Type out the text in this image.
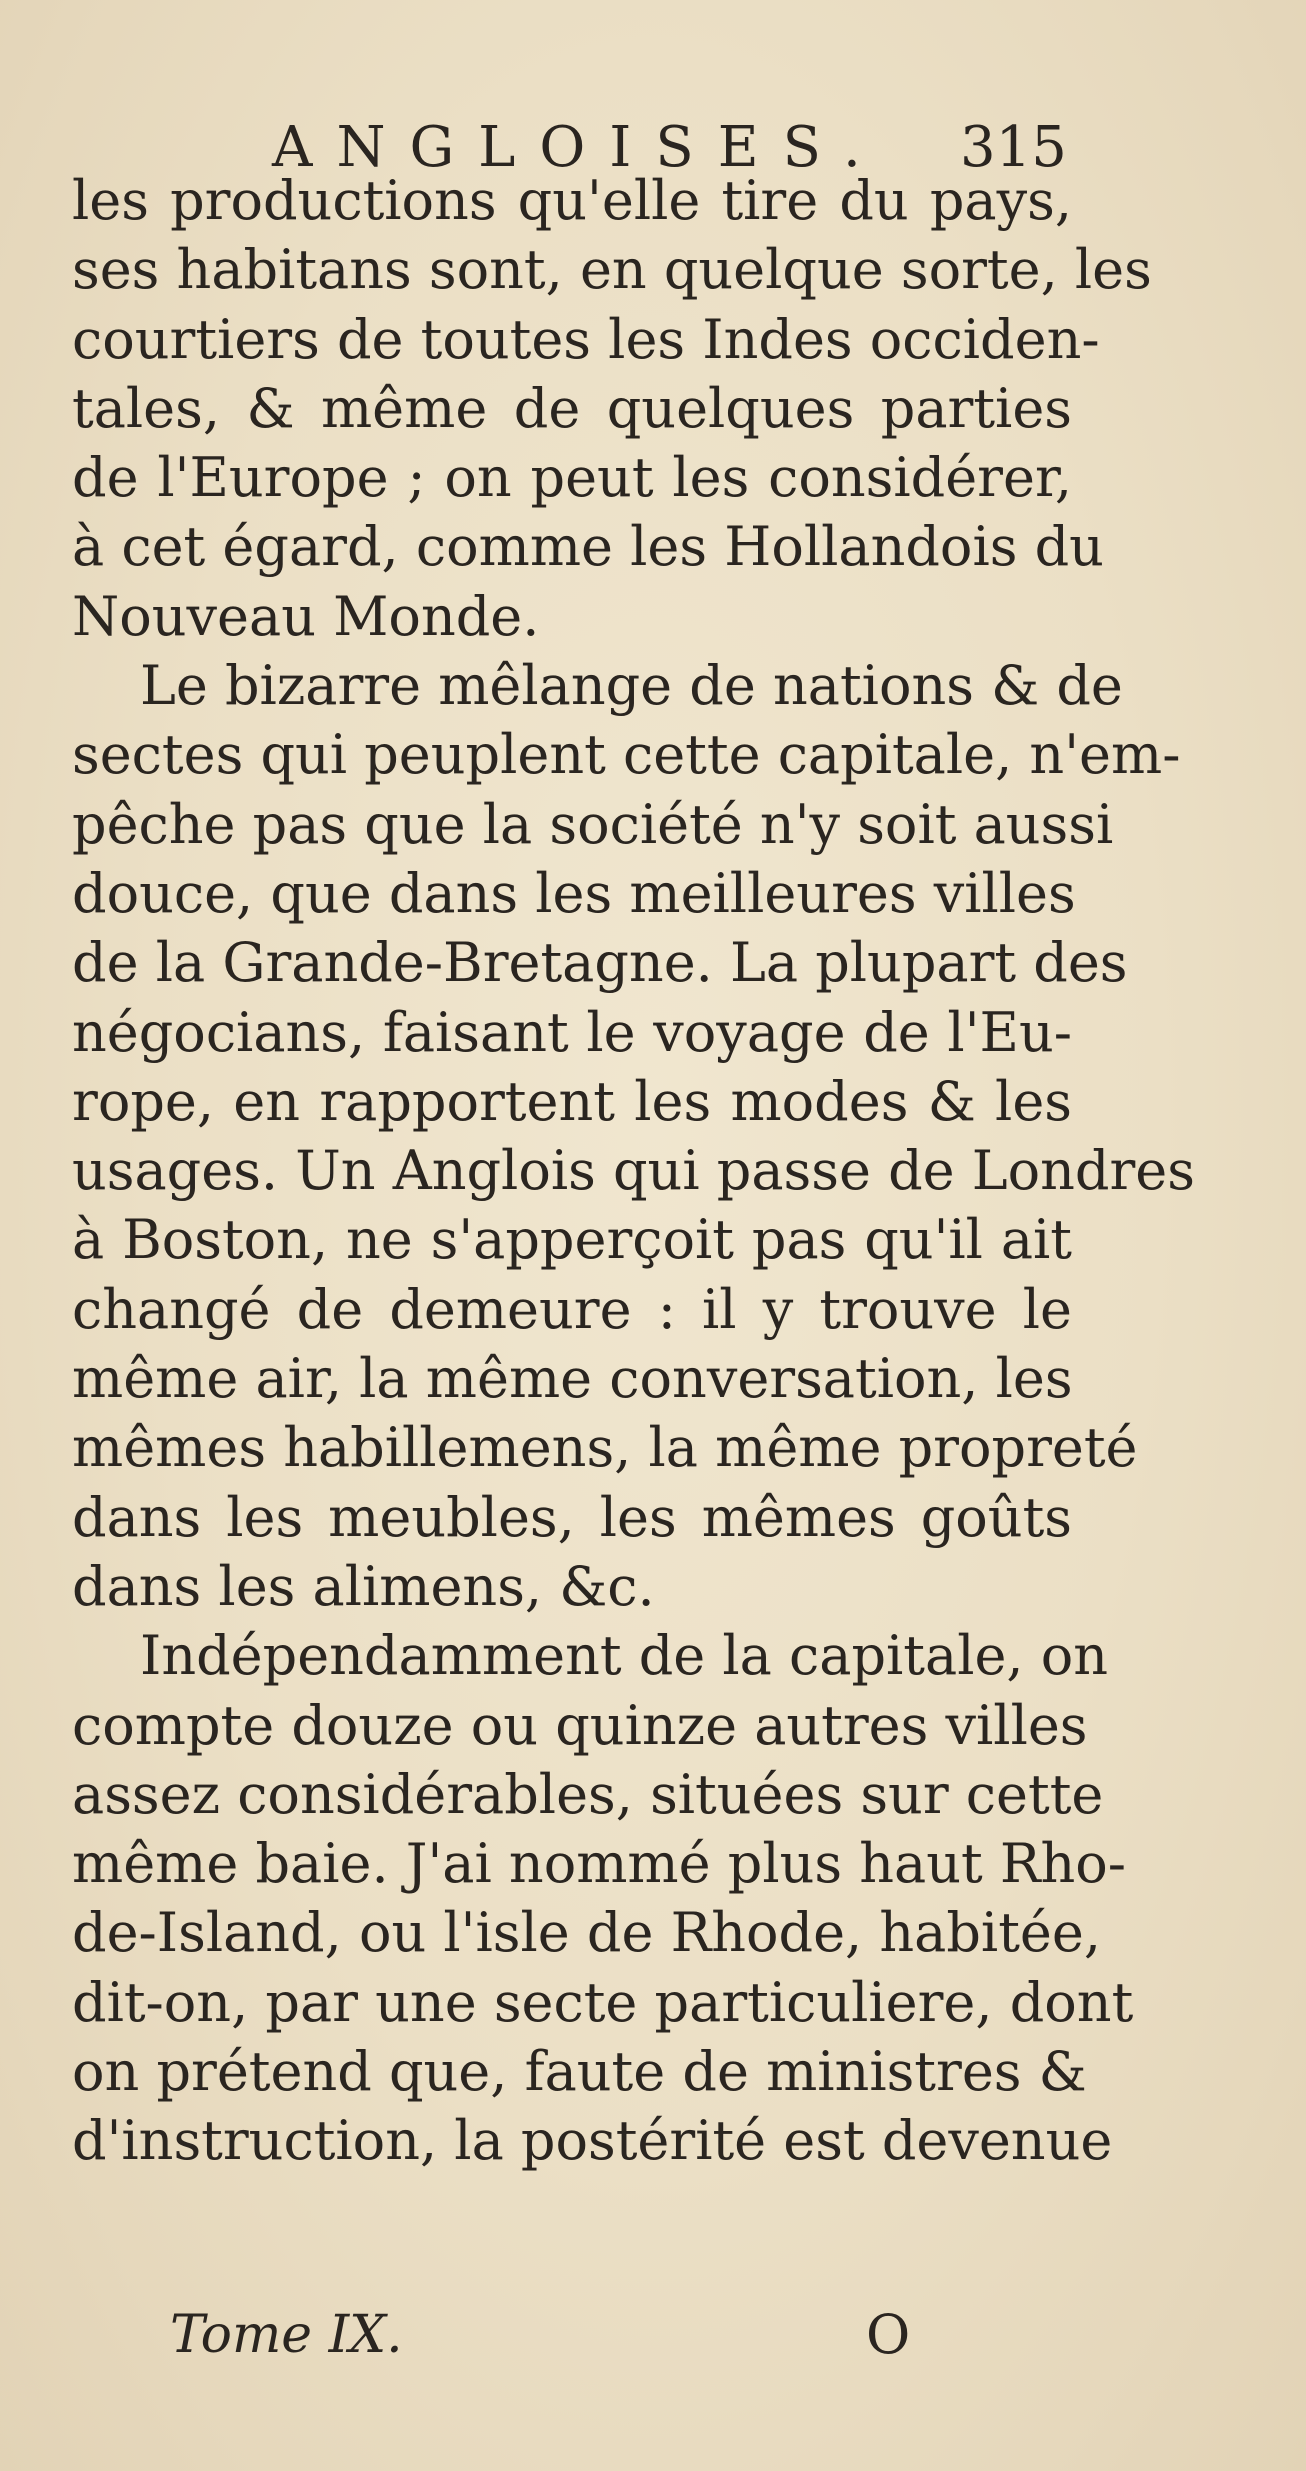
ANGLOISES. 315
les productions qu'elle tire du pays,
ses habitans sont, en quelque sorte, les
courtiers de toutes les Indes occiden-
tales, & même de quelques parties
de l'Europe ; on peut les considérer,
à cet égard, comme les Hollandois du
Nouveau Monde.
Le bizarre mêlange de nations & de
sectes qui peuplent cette capitale, n'em-
pêche pas que la société n'y soit aussi
douce, que dans les meilleures villes
de la Grande-Bretagne. La plupart des
négocians, faisant le voyage de l'Eu-
rope, en rapportent les modes & les
usages. Un Anglois qui passe de Londres
à Boston, ne s'apperçoit pas qu'il ait
changé de demeure : il y trouve le
même air, la même conversation, les
mêmes habillemens, la même propreté
dans les meubles, les mêmes goûts
dans les alimens, &c.
Indépendamment de la capitale, on
compte douze ou quinze autres villes
assez considérables, situées sur cette
même baie. J'ai nommé plus haut Rho-
de-Island, ou l'isle de Rhode, habitée,
dit-on, par une secte particuliere, dont
on prétend que, faute de ministres &
d'instruction, la postérité est devenue
Tome IX.	O
